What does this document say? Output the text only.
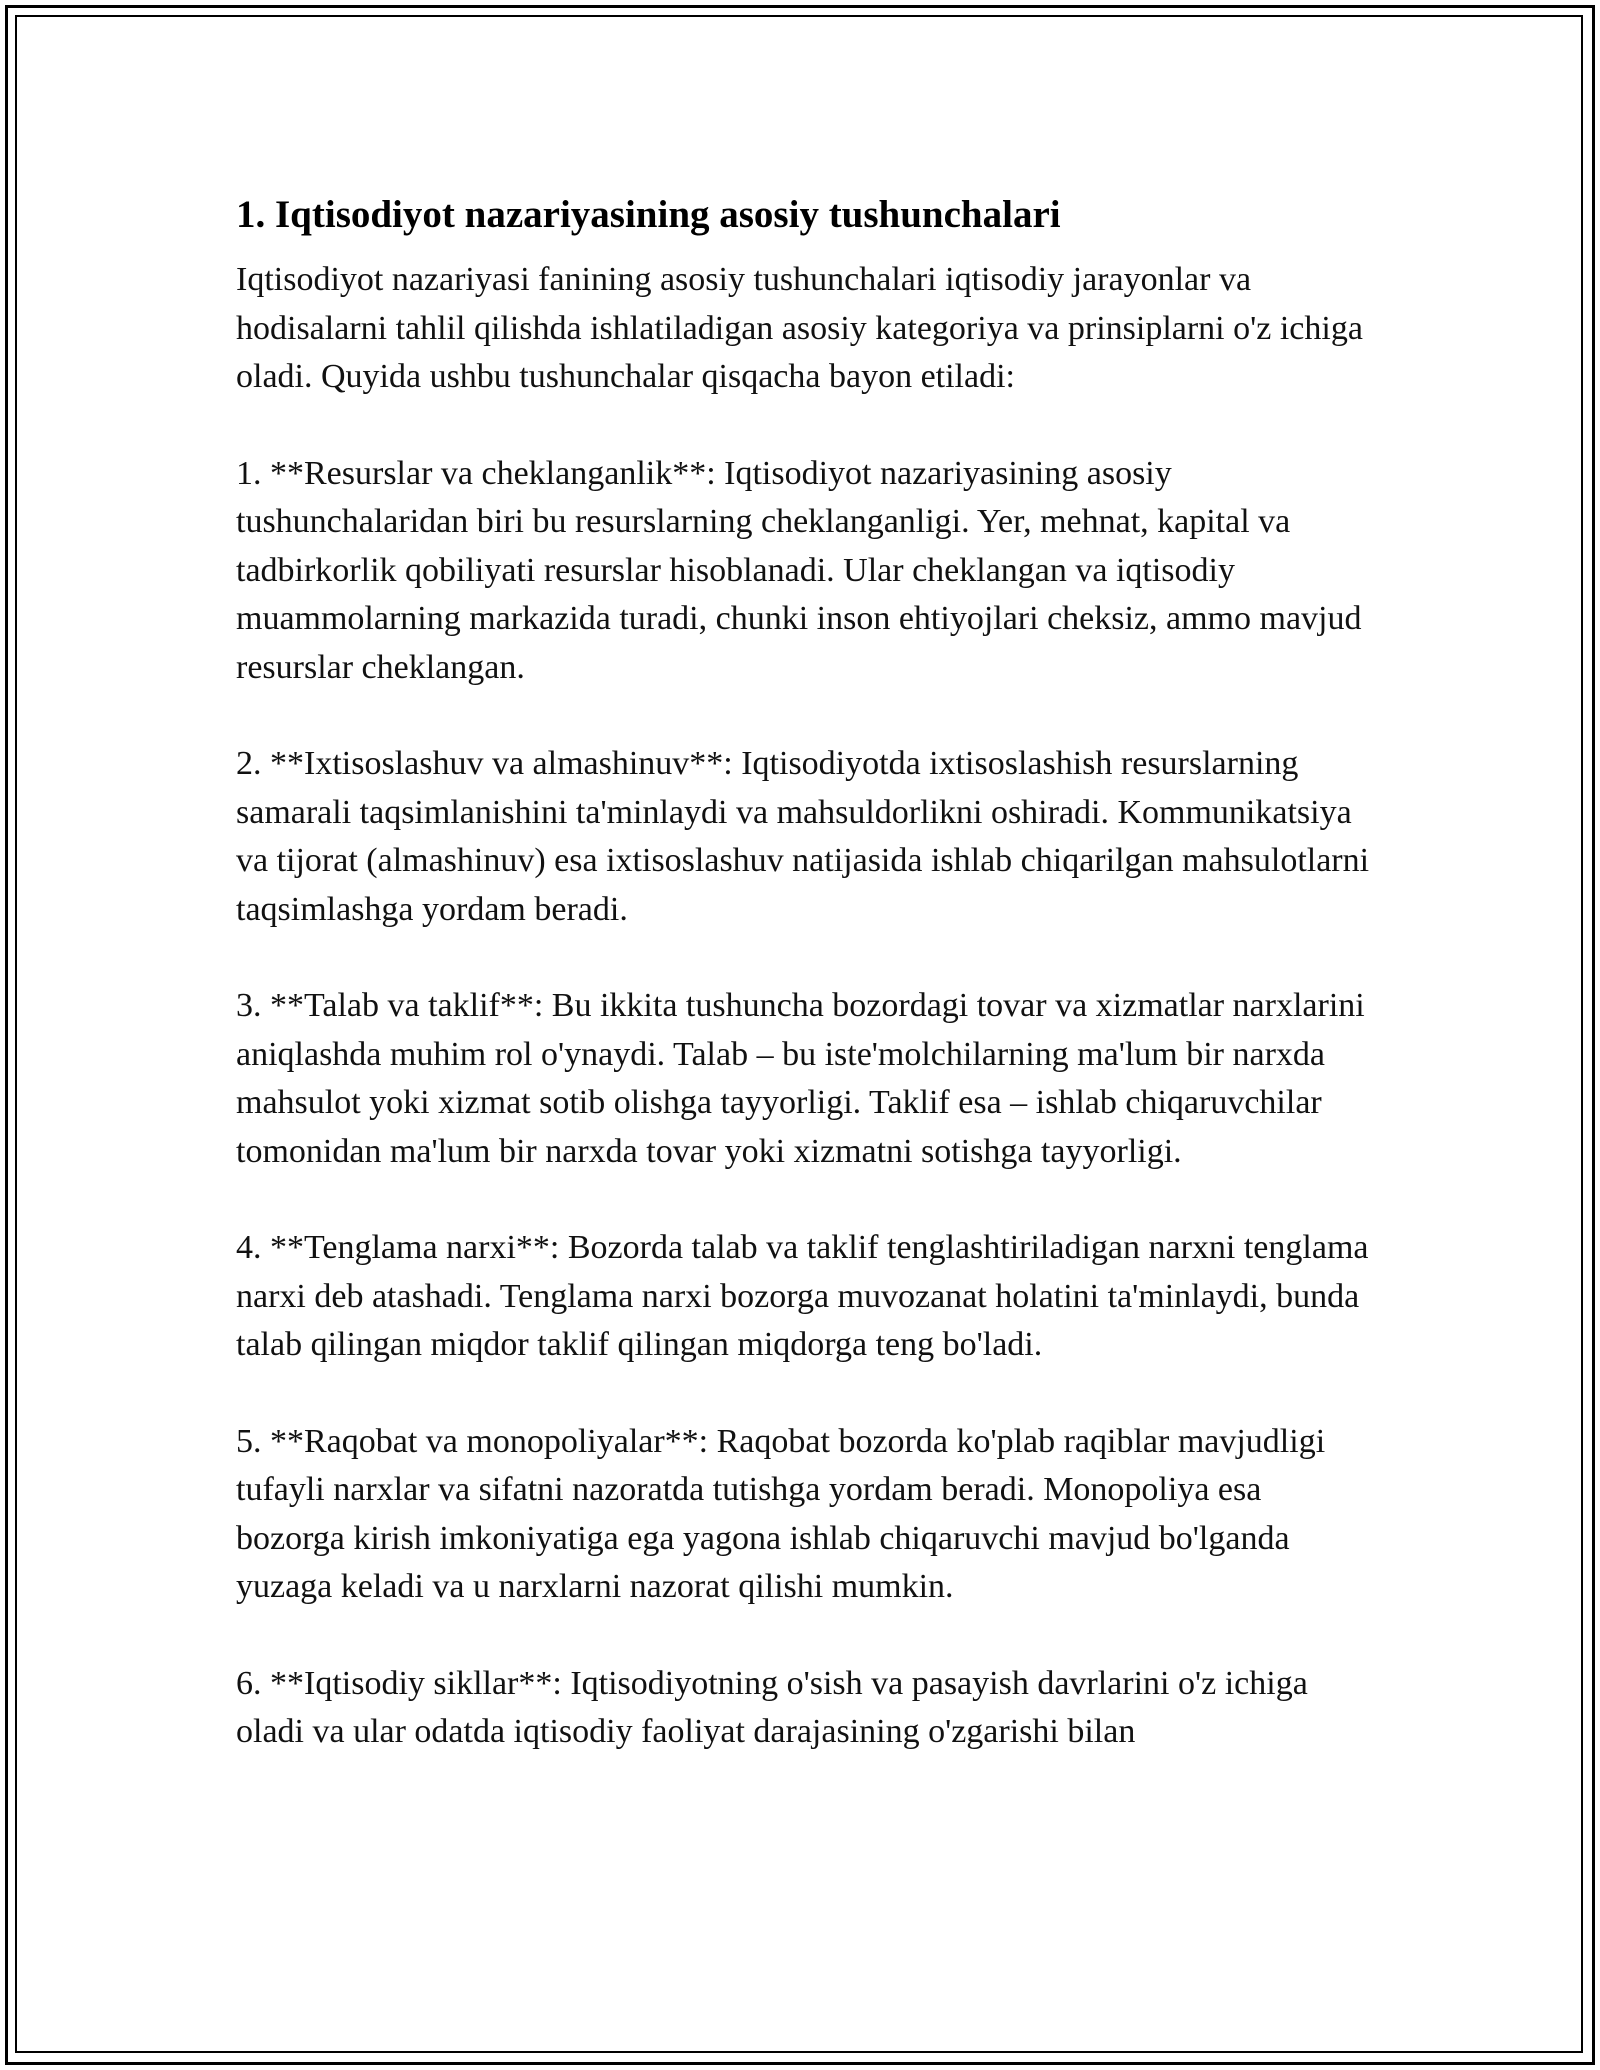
1. Iqtisodiyot nazariyasining asosiy tushunchalari

Iqtisodiyot nazariyasi fanining asosiy tushunchalari iqtisodiy jarayonlar va hodisalarni tahlil qilishda ishlatiladigan asosiy kategoriya va prinsiplarni o'z ichiga oladi. Quyida ushbu tushunchalar qisqacha bayon etiladi:

1. **Resurslar va cheklanganlik**: Iqtisodiyot nazariyasining asosiy tushunchalaridan biri bu resurslarning cheklanganligi. Yer, mehnat, kapital va tadbirkorlik qobiliyati resurslar hisoblanadi. Ular cheklangan va iqtisodiy muammolarning markazida turadi, chunki inson ehtiyojlari cheksiz, ammo mavjud resurslar cheklangan.

2. **Ixtisoslashuv va almashinuv**: Iqtisodiyotda ixtisoslashish resurslarning samarali taqsimlanishini ta'minlaydi va mahsuldorlikni oshiradi. Kommunikatsiya va tijorat (almashinuv) esa ixtisoslashuv natijasida ishlab chiqarilgan mahsulotlarni taqsimlashga yordam beradi.

3. **Talab va taklif**: Bu ikkita tushuncha bozordagi tovar va xizmatlar narxlarini aniqlashda muhim rol o'ynaydi. Talab – bu iste'molchilarning ma'lum bir narxda mahsulot yoki xizmat sotib olishga tayyorligi. Taklif esa – ishlab chiqaruvchilar tomonidan ma'lum bir narxda tovar yoki xizmatni sotishga tayyorligi.

4. **Tenglama narxi**: Bozorda talab va taklif tenglashtiriladigan narxni tenglama narxi deb atashadi. Tenglama narxi bozorga muvozanat holatini ta'minlaydi, bunda talab qilingan miqdor taklif qilingan miqdorga teng bo'ladi.

5. **Raqobat va monopoliyalar**: Raqobat bozorda ko'plab raqiblar mavjudligi tufayli narxlar va sifatni nazoratda tutishga yordam beradi. Monopoliya esa bozorga kirish imkoniyatiga ega yagona ishlab chiqaruvchi mavjud bo'lganda yuzaga keladi va u narxlarni nazorat qilishi mumkin.

6. **Iqtisodiy sikllar**: Iqtisodiyotning o'sish va pasayish davrlarini o'z ichiga oladi va ular odatda iqtisodiy faoliyat darajasining o'zgarishi bilan
